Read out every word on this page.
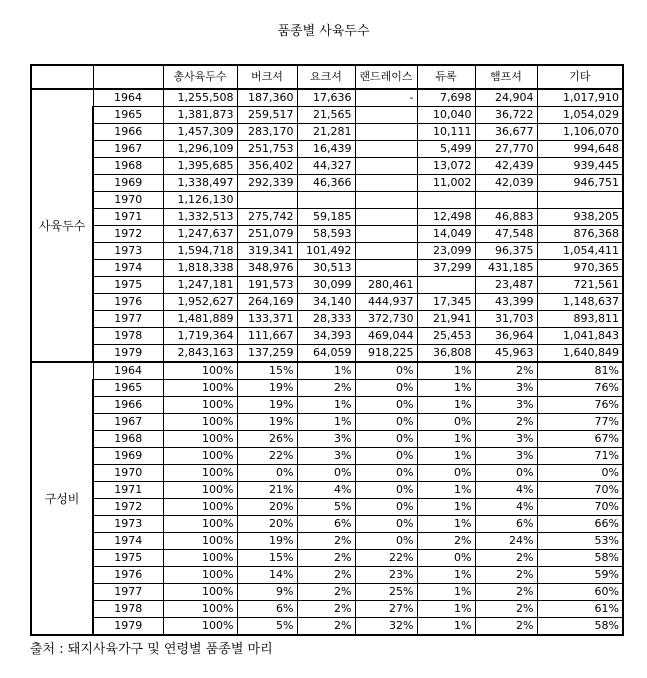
품종별 사육두수
		총사육두수	버크셔	요크셔	랜드레이스	듀록	햄프셔	기타
사육두수	1964	1,255,508	187,360	17,636	-	7,698	24,904	1,017,910
	1965	1,381,873	259,517	21,565		10,040	36,722	1,054,029
	1966	1,457,309	283,170	21,281		10,111	36,677	1,106,070
	1967	1,296,109	251,753	16,439		5,499	27,770	994,648
	1968	1,395,685	356,402	44,327		13,072	42,439	939,445
	1969	1,338,497	292,339	46,366		11,002	42,039	946,751
	1970	1,126,130						
	1971	1,332,513	275,742	59,185		12,498	46,883	938,205
	1972	1,247,637	251,079	58,593		14,049	47,548	876,368
	1973	1,594,718	319,341	101,492		23,099	96,375	1,054,411
	1974	1,818,338	348,976	30,513		37,299	431,185	970,365
	1975	1,247,181	191,573	30,099	280,461		23,487	721,561
	1976	1,952,627	264,169	34,140	444,937	17,345	43,399	1,148,637
	1977	1,481,889	133,371	28,333	372,730	21,941	31,703	893,811
	1978	1,719,364	111,667	34,393	469,044	25,453	36,964	1,041,843
	1979	2,843,163	137,259	64,059	918,225	36,808	45,963	1,640,849
구성비	1964	100%	15%	1%	0%	1%	2%	81%
	1965	100%	19%	2%	0%	1%	3%	76%
	1966	100%	19%	1%	0%	1%	3%	76%
	1967	100%	19%	1%	0%	0%	2%	77%
	1968	100%	26%	3%	0%	1%	3%	67%
	1969	100%	22%	3%	0%	1%	3%	71%
	1970	100%	0%	0%	0%	0%	0%	0%
	1971	100%	21%	4%	0%	1%	4%	70%
	1972	100%	20%	5%	0%	1%	4%	70%
	1973	100%	20%	6%	0%	1%	6%	66%
	1974	100%	19%	2%	0%	2%	24%	53%
	1975	100%	15%	2%	22%	0%	2%	58%
	1976	100%	14%	2%	23%	1%	2%	59%
	1977	100%	9%	2%	25%	1%	2%	60%
	1978	100%	6%	2%	27%	1%	2%	61%
	1979	100%	5%	2%	32%	1%	2%	58%
출처 : 돼지사육가구 및 연령별 품종별 마리
